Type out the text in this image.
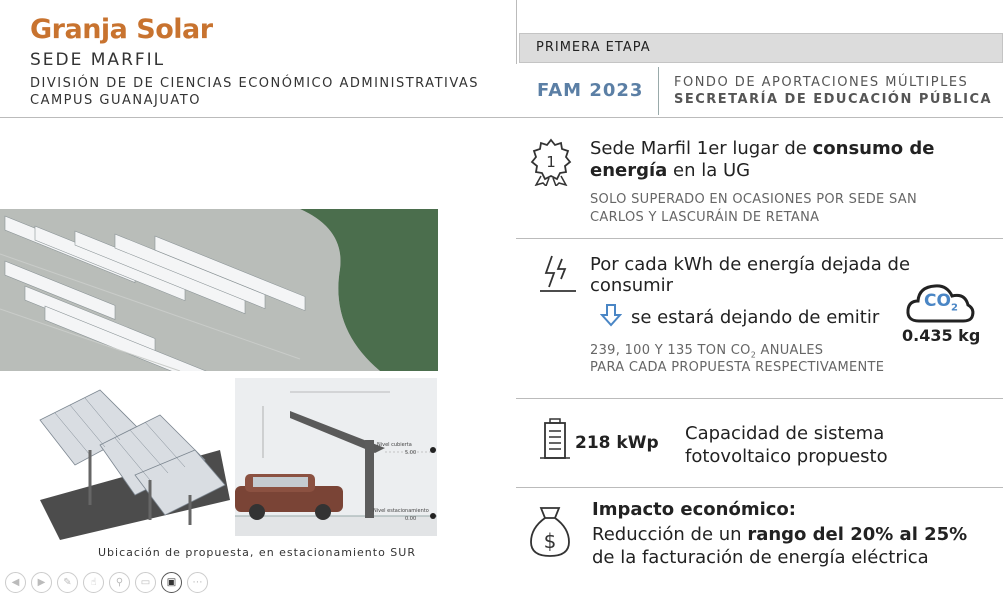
Granja Solar
SEDE MARFIL
DIVISIÓN DE DE CIENCIAS ECONÓMICO ADMINISTRATIVAS
CAMPUS GUANAJUATO
PRIMERA ETAPA
FAM 2023	FONDO DE APORTACIONES MÚLTIPLES
SECRETARÍA DE EDUCACIÓN PÚBLICA
Nivel cubierta
5.00
Nivel estacionamiento
0.00
Ubicación de propuesta, en estacionamiento SUR
1
Sede Marfil 1er lugar de consumo de
energía en la UG
SOLO SUPERADO EN OCASIONES POR SEDE SAN
CARLOS Y LASCURÁIN DE RETANA
Por cada kWh de energía dejada de
consumir
se estará dejando de emitir
$CO_2$
0.435 kg
239, 100 Y 135 TON $CO_2$ ANUALES
PARA CADA PROPUESTA RESPECTIVAMENTE
218 kWp Capacidad de sistema
fotovoltaico propuesto
$
Impacto económico:
Reducción de un rango del 20% al 25%
de la facturación de energía eléctrica
◀	▶	✎	☝	⚲	▭	▣	⋯
